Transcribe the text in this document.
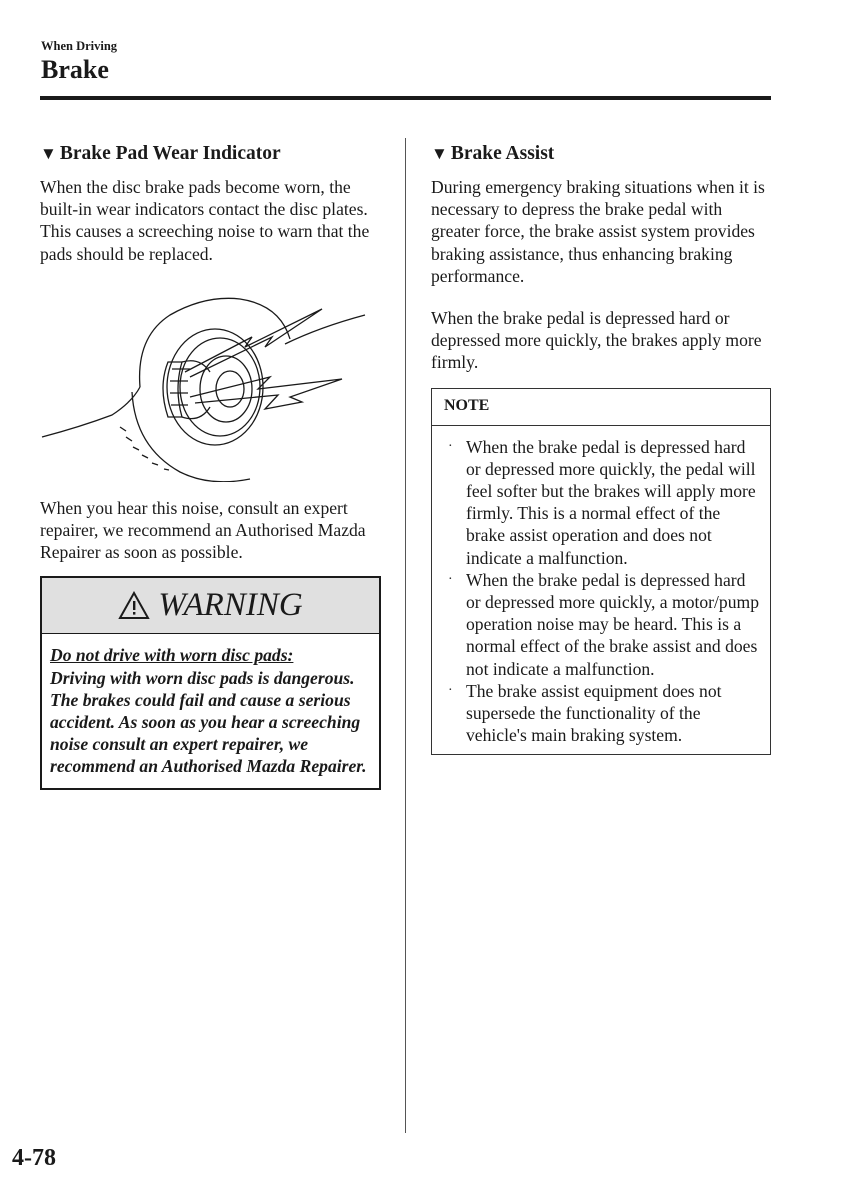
When Driving
Brake
▼ Brake Pad Wear Indicator

When the disc brake pads become worn, the built-in wear indicators contact the disc plates. This causes a screeching noise to warn that the pads should be replaced.

When you hear this noise, consult an expert repairer, we recommend an Authorised Mazda Repairer as soon as possible.

WARNING
Do not drive with worn disc pads:
Driving with worn disc pads is dangerous. The brakes could fail and cause a serious accident. As soon as you hear a screeching noise consult an expert repairer, we recommend an Authorised Mazda Repairer.
▼ Brake Assist

During emergency braking situations when it is necessary to depress the brake pedal with greater force, the brake assist system provides braking assistance, thus enhancing braking performance.

When the brake pedal is depressed hard or depressed more quickly, the brakes apply more firmly.

NOTE
· When the brake pedal is depressed hard or depressed more quickly, the pedal will feel softer but the brakes will apply more firmly. This is a normal effect of the brake assist operation and does not indicate a malfunction.
· When the brake pedal is depressed hard or depressed more quickly, a motor/pump operation noise may be heard. This is a normal effect of the brake assist and does not indicate a malfunction.
· The brake assist equipment does not supersede the functionality of the vehicle's main braking system.
4-78
